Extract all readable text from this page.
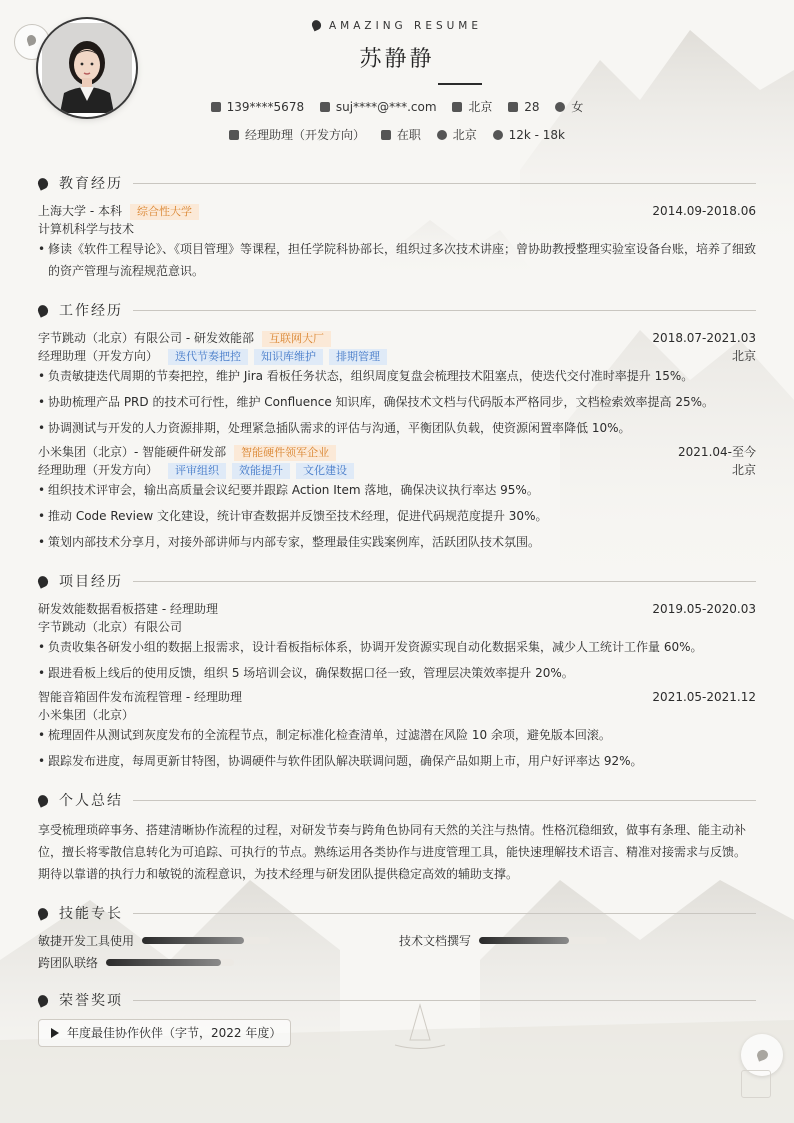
AMAZING RESUME
苏静静
139****5678	suj****@***.com	北京	28	女
经理助理（开发方向）	在职	北京	12k - 18k
教育经历
上海大学 - 本科 综合性大学	2014.09-2018.06
计算机科学与技术
• 修读《软件工程导论》、《项目管理》等课程，担任学院科协部长，组织过多次技术讲座；曾协助教授整理实验室设备台账，培养了细致的资产管理与流程规范意识。
工作经历
字节跳动（北京）有限公司 - 研发效能部 互联网大厂	2018.07-2021.03
经理助理（开发方向） 迭代节奏把控 知识库维护 排期管理	北京
• 负责敏捷迭代周期的节奏把控，维护 Jira 看板任务状态，组织周度复盘会梳理技术阻塞点，使迭代交付准时率提升 15%。
• 协助梳理产品 PRD 的技术可行性，维护 Confluence 知识库，确保技术文档与代码版本严格同步，文档检索效率提高 25%。
• 协调测试与开发的人力资源排期，处理紧急插队需求的评估与沟通，平衡团队负载，使资源闲置率降低 10%。
小米集团（北京）- 智能硬件研发部 智能硬件领军企业	2021.04-至今
经理助理（开发方向） 评审组织 效能提升 文化建设	北京
• 组织技术评审会，输出高质量会议纪要并跟踪 Action Item 落地，确保决议执行率达 95%。
• 推动 Code Review 文化建设，统计审查数据并反馈至技术经理，促进代码规范度提升 30%。
• 策划内部技术分享月，对接外部讲师与内部专家，整理最佳实践案例库，活跃团队技术氛围。
项目经历
研发效能数据看板搭建 - 经理助理	2019.05-2020.03
字节跳动（北京）有限公司
• 负责收集各研发小组的数据上报需求，设计看板指标体系，协调开发资源实现自动化数据采集，减少人工统计工作量 60%。
• 跟进看板上线后的使用反馈，组织 5 场培训会议，确保数据口径一致，管理层决策效率提升 20%。
智能音箱固件发布流程管理 - 经理助理	2021.05-2021.12
小米集团（北京）
• 梳理固件从测试到灰度发布的全流程节点，制定标准化检查清单，过滤潜在风险 10 余项，避免版本回滚。
• 跟踪发布进度，每周更新甘特图，协调硬件与软件团队解决联调问题，确保产品如期上市，用户好评率达 92%。
个人总结
享受梳理琐碎事务、搭建清晰协作流程的过程，对研发节奏与跨角色协同有天然的关注与热情。性格沉稳细致，做事有条理、能主动补
位，擅长将零散信息转化为可追踪、可执行的节点。熟练运用各类协作与进度管理工具，能快速理解技术语言、精准对接需求与反馈。
期待以靠谱的执行力和敏锐的流程意识，为技术经理与研发团队提供稳定高效的辅助支撑。
技能专长
敏捷开发工具使用	技术文档撰写
跨团队联络
荣誉奖项
年度最佳协作伙伴（字节，2022 年度）
